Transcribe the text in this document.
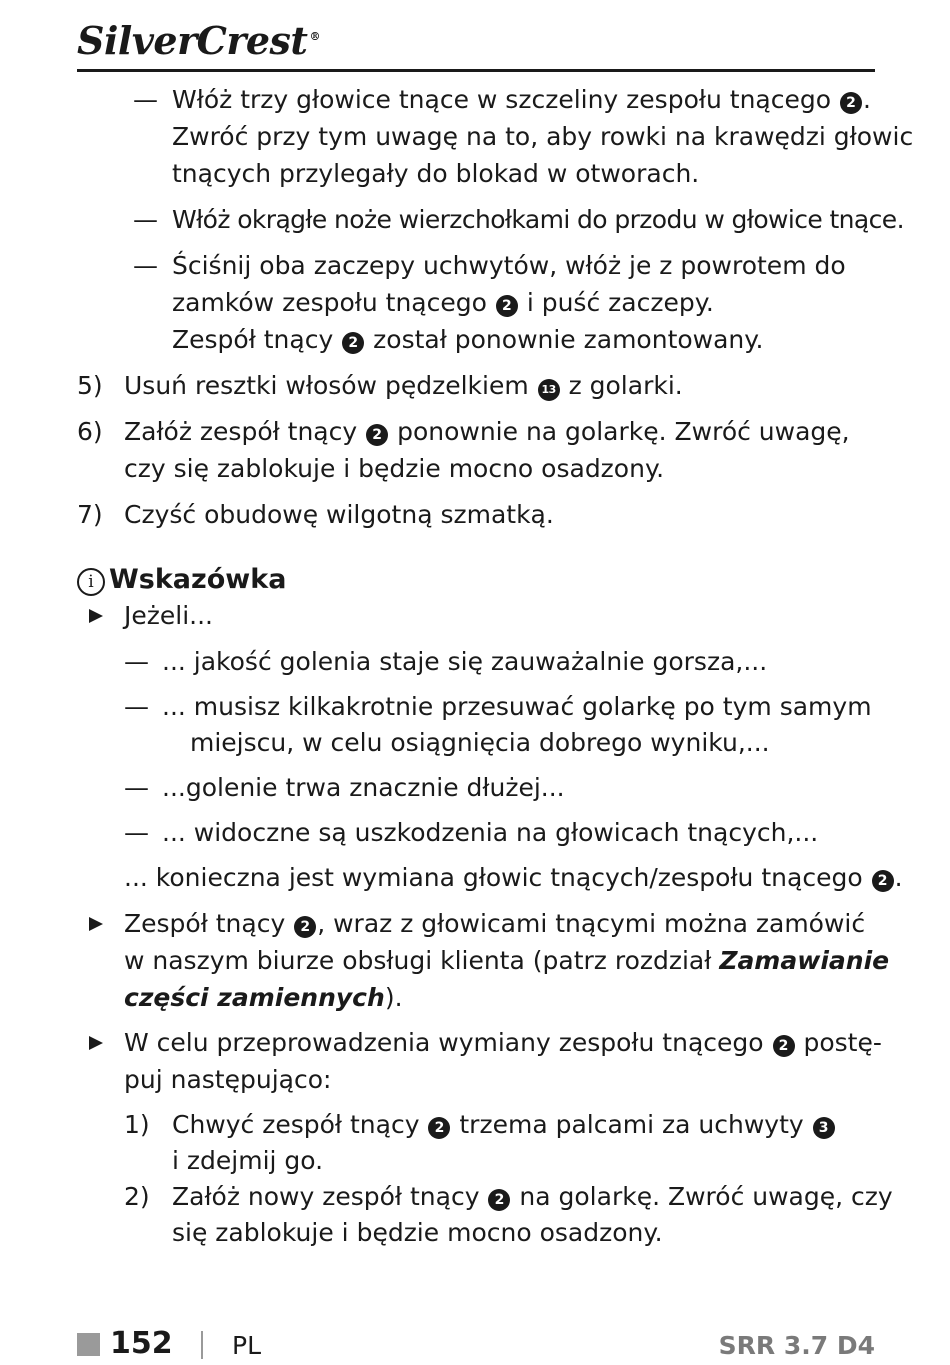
SilverCrest ®
— Włóż trzy głowice tnące w szczeliny zespołu tnącego 2 .
Zwróć przy tym uwagę na to, aby rowki na krawędzi głowic
tnących przylegały do blokad w otworach.
— Włóż okrągłe noże wierzchołkami do przodu w głowice tnące.
— Ściśnij oba zaczepy uchwytów, włóż je z powrotem do
zamków zespołu tnącego 2 i puść zaczepy.
Zespół tnący 2 został ponownie zamontowany.
5) Usuń resztki włosów pędzelkiem 13 z golarki.
6) Załóż zespół tnący 2 ponownie na golarkę. Zwróć uwagę,
czy się zablokuje i będzie mocno osadzony.
7) Czyść obudowę wilgotną szmatką.
i Wskazówka
Jeżeli...
— ... jakość golenia staje się zauważalnie gorsza,...
— ... musisz kilkakrotnie przesuwać golarkę po tym samym
miejscu, w celu osiągnięcia dobrego wyniku,...
— ...golenie trwa znacznie dłużej...
— ... widoczne są uszkodzenia na głowicach tnących,...
... konieczna jest wymiana głowic tnących/zespołu tnącego 2 .
Zespół tnący 2 , wraz z głowicami tnącymi można zamówić
w naszym biurze obsługi klienta (patrz rozdział Zamawianie
części zamiennych).
W celu przeprowadzenia wymiany zespołu tnącego 2 postę-
puj następująco:
1) Chwyć zespół tnący 2 trzema palcami za uchwyty 3
i zdejmij go.
2) Załóż nowy zespół tnący 2 na golarkę. Zwróć uwagę, czy
się zablokuje i będzie mocno osadzony.
152 PL	SRR 3.7 D4
